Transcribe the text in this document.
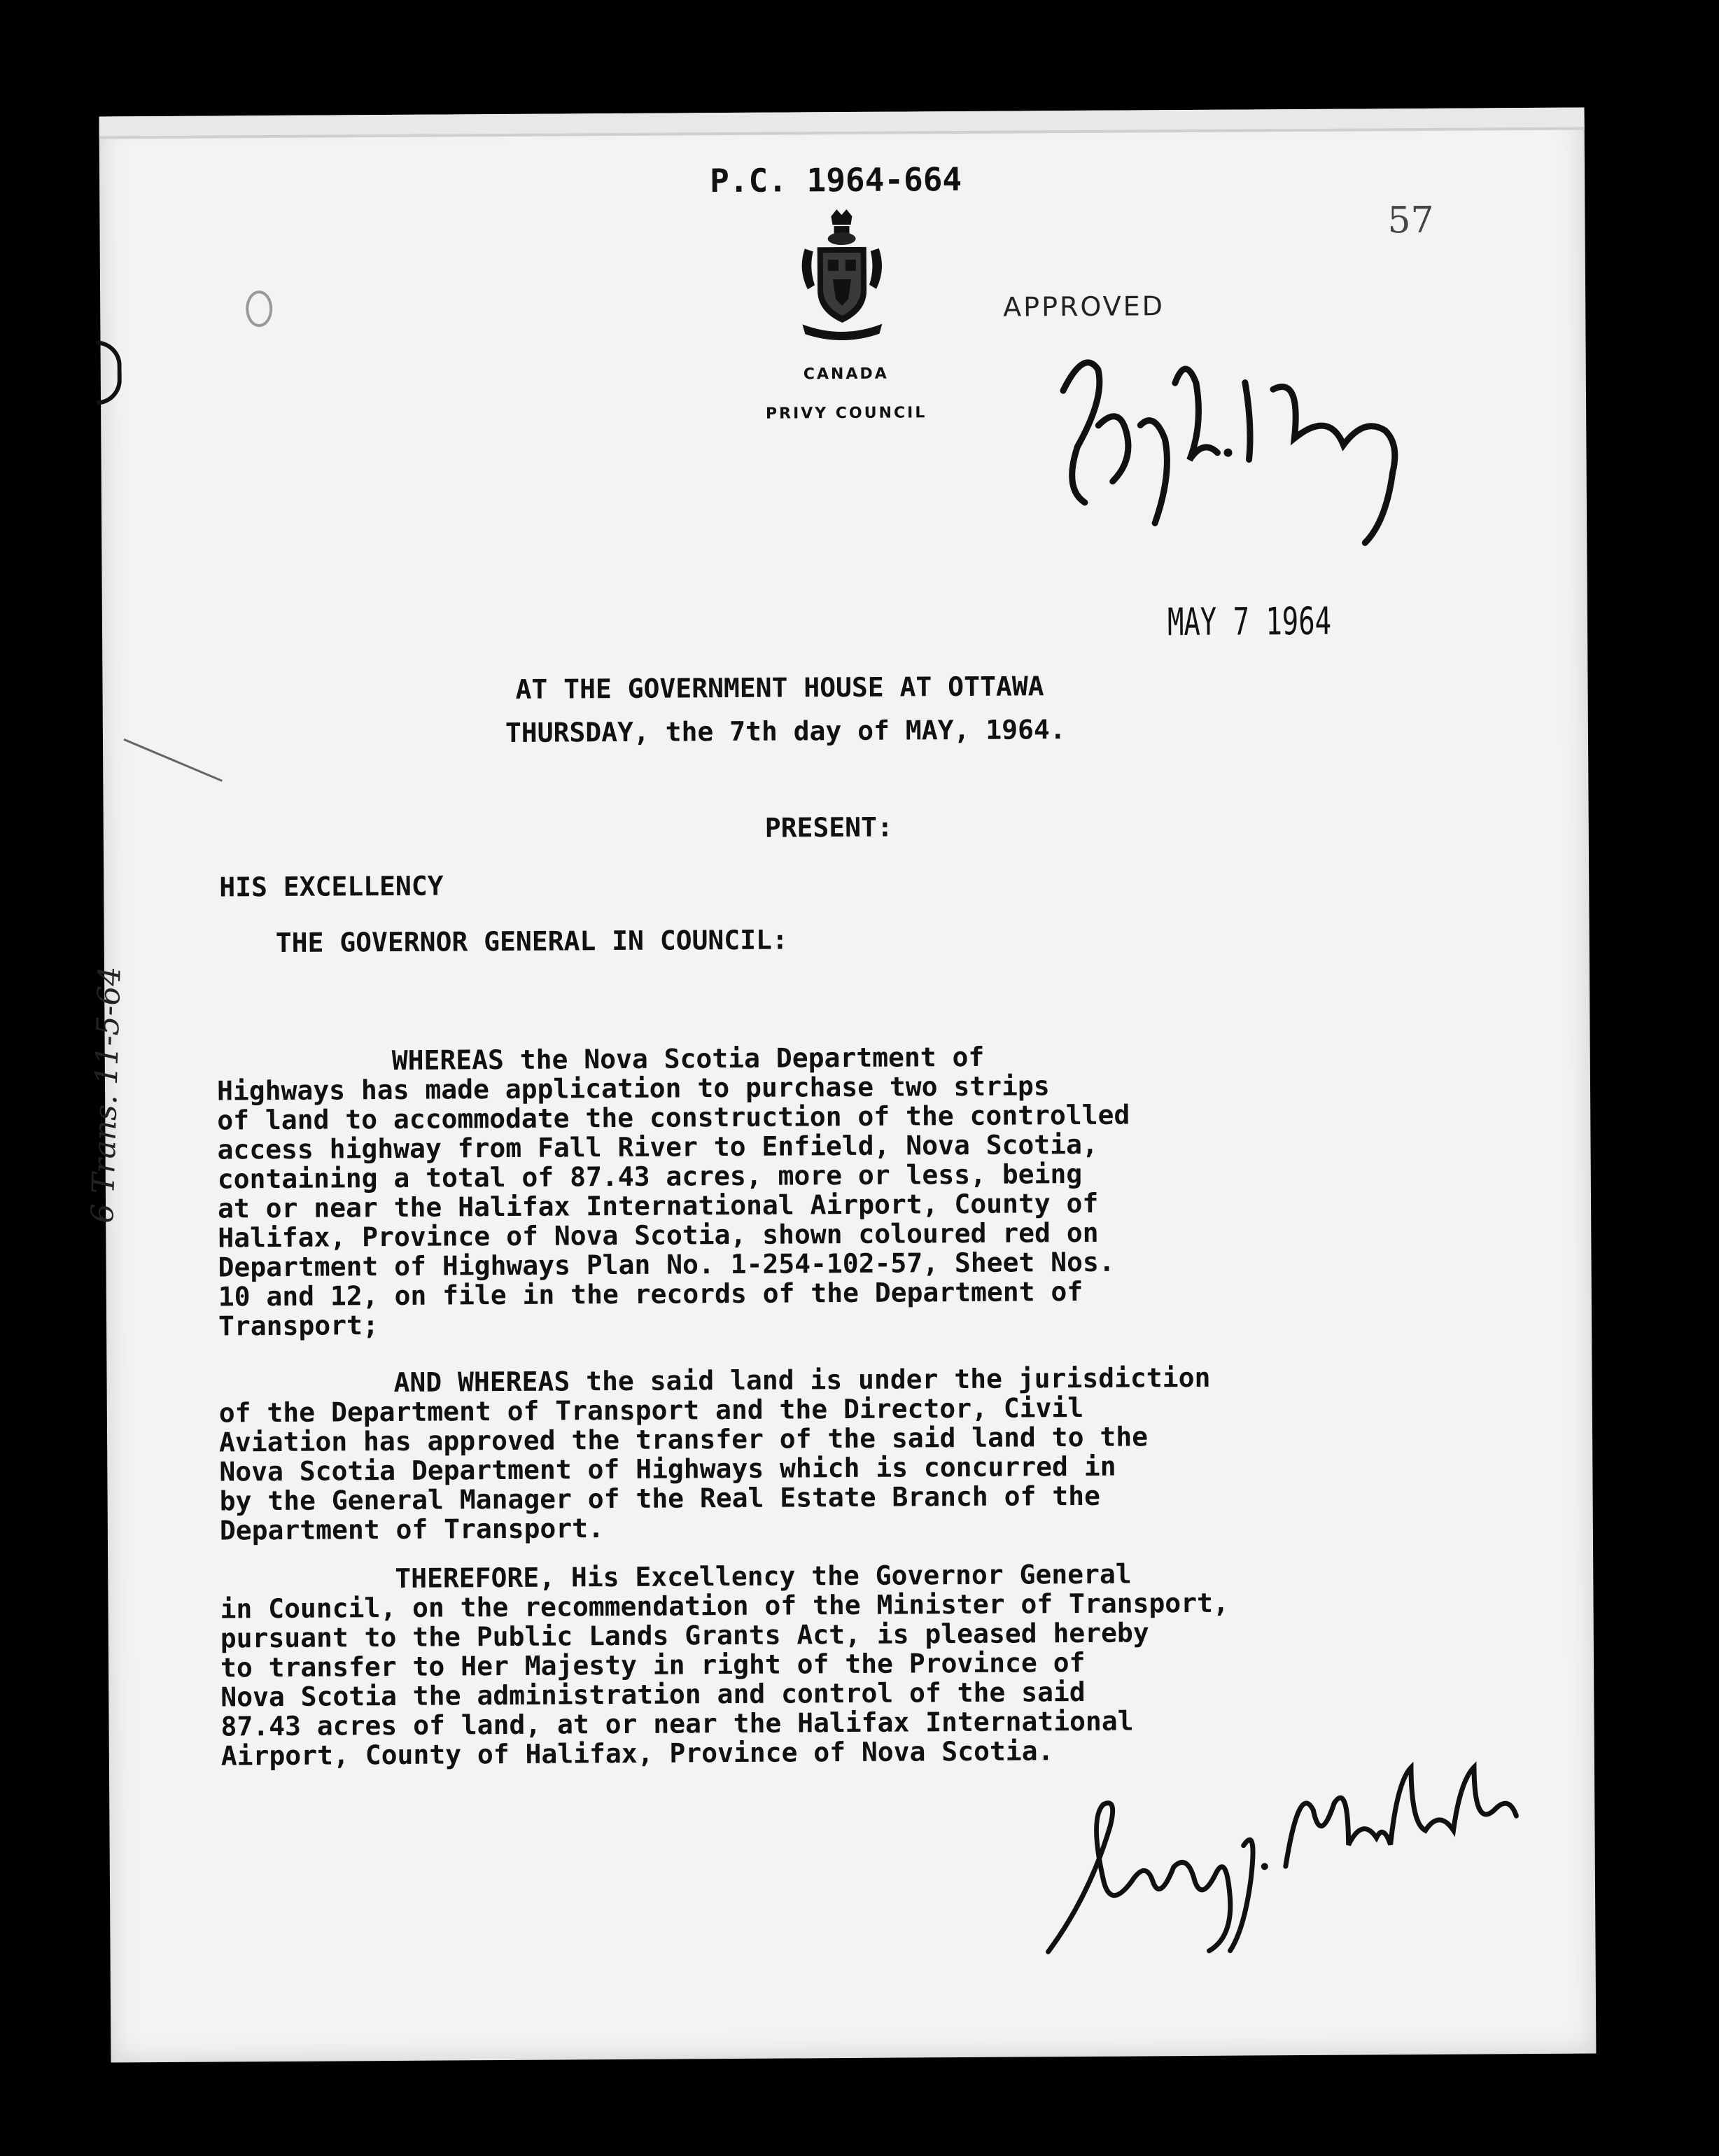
P.C. 1964-664
57
CANADA
PRIVY COUNCIL
APPROVED
MAY 7 1964
AT THE GOVERNMENT HOUSE AT OTTAWA
THURSDAY, the 7th day of MAY, 1964.
PRESENT:
HIS EXCELLENCY
THE GOVERNOR GENERAL IN COUNCIL:
WHEREAS the Nova Scotia Department of
Highways has made application to purchase two strips
of land to accommodate the construction of the controlled
access highway from Fall River to Enfield, Nova Scotia,
containing a total of 87.43 acres, more or less, being
at or near the Halifax International Airport, County of
Halifax, Province of Nova Scotia, shown coloured red on
Department of Highways Plan No. 1-254-102-57, Sheet Nos.
10 and 12, on file in the records of the Department of
Transport;
AND WHEREAS the said land is under the jurisdiction
of the Department of Transport and the Director, Civil
Aviation has approved the transfer of the said land to the
Nova Scotia Department of Highways which is concurred in
by the General Manager of the Real Estate Branch of the
Department of Transport.
THEREFORE, His Excellency the Governor General
in Council, on the recommendation of the Minister of Transport,
pursuant to the Public Lands Grants Act, is pleased hereby
to transfer to Her Majesty in right of the Province of
Nova Scotia the administration and control of the said
87.43 acres of land, at or near the Halifax International
Airport, County of Halifax, Province of Nova Scotia.
6 Trans. 11-5-64
